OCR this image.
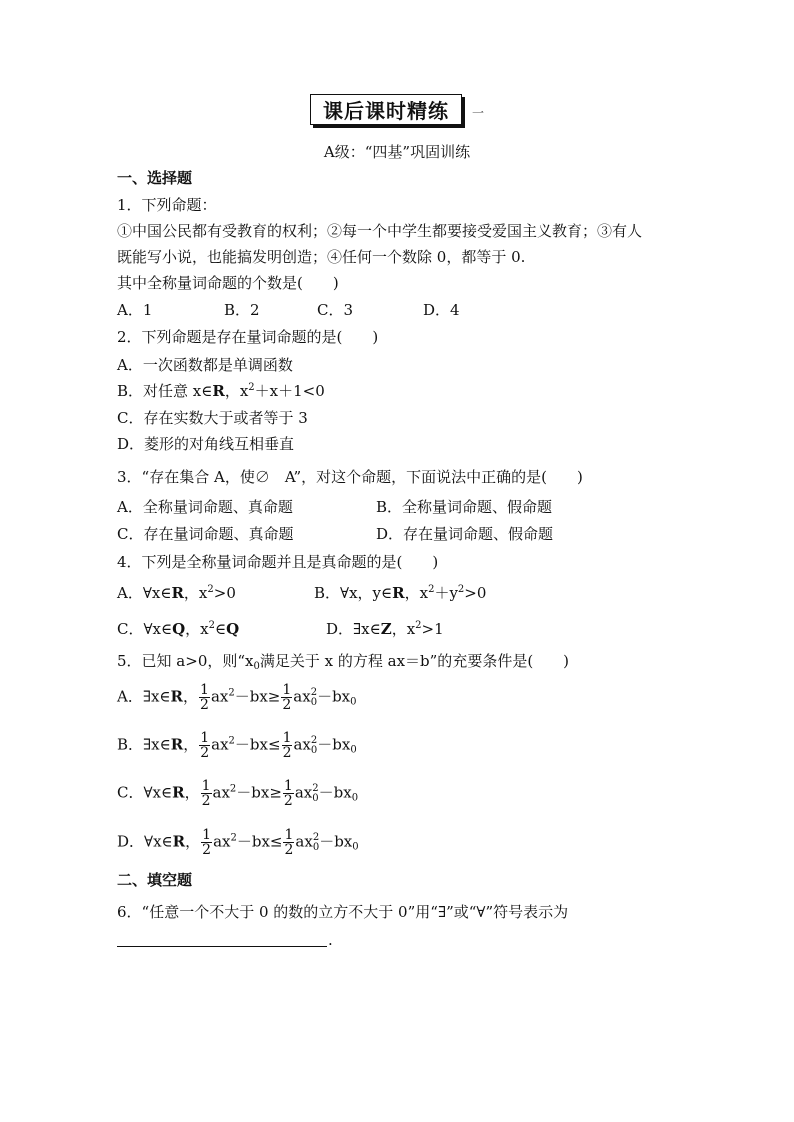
课后课时精练 一
A级：“四基”巩固训练
一、选择题
1．下列命题：
①中国公民都有受教育的权利；②每一个中学生都要接受爱国主义教育；③有人
既能写小说，也能搞发明创造；④任何一个数除 0，都等于 0.
其中全称量词命题的个数是(　　)
A．1	B．2	C．3	D．4
2．下列命题是存在量词命题的是(　　)
A．一次函数都是单调函数
B．对任意 x∈R，$x^2+x+1<0$
C．存在实数大于或者等于 3
D．菱形的对角线互相垂直
3．“存在集合 A，使∅　A”，对这个命题，下面说法中正确的是(　　)
A．全称量词命题、真命题	B．全称量词命题、假命题
C．存在量词命题、真命题	D．存在量词命题、假命题
4．下列是全称量词命题并且是真命题的是(　　)
A．∀x∈R，$x^2>0$	B．∀x，y∈R，$x^2+y^2>0$
C．∀x∈Q，$x^2\in Q$	D．∃x∈Z，$x^2>1$
5．已知 a>0，则“$x_0$满足关于 x 的方程 ax＝b”的充要条件是(　　)
A．∃x∈R， $\frac{1}{2} ax^2-bx\ge \frac{1}{2}$ ax 2
$0 -bx_0$
B．∃x∈R， $\frac{1}{2} ax^2-bx\le \frac{1}{2}$ ax 2
$0 -bx_0$
C．∀x∈R， $\frac{1}{2} ax^2-bx\ge \frac{1}{2}$ ax 2
$0 -bx_0$
D．∀x∈R， $\frac{1}{2} ax^2-bx\le \frac{1}{2}$ ax 2
$0 -bx_0$
二、填空题
6．“任意一个不大于 0 的数的立方不大于 0”用“∃”或“∀”符号表示为
.
